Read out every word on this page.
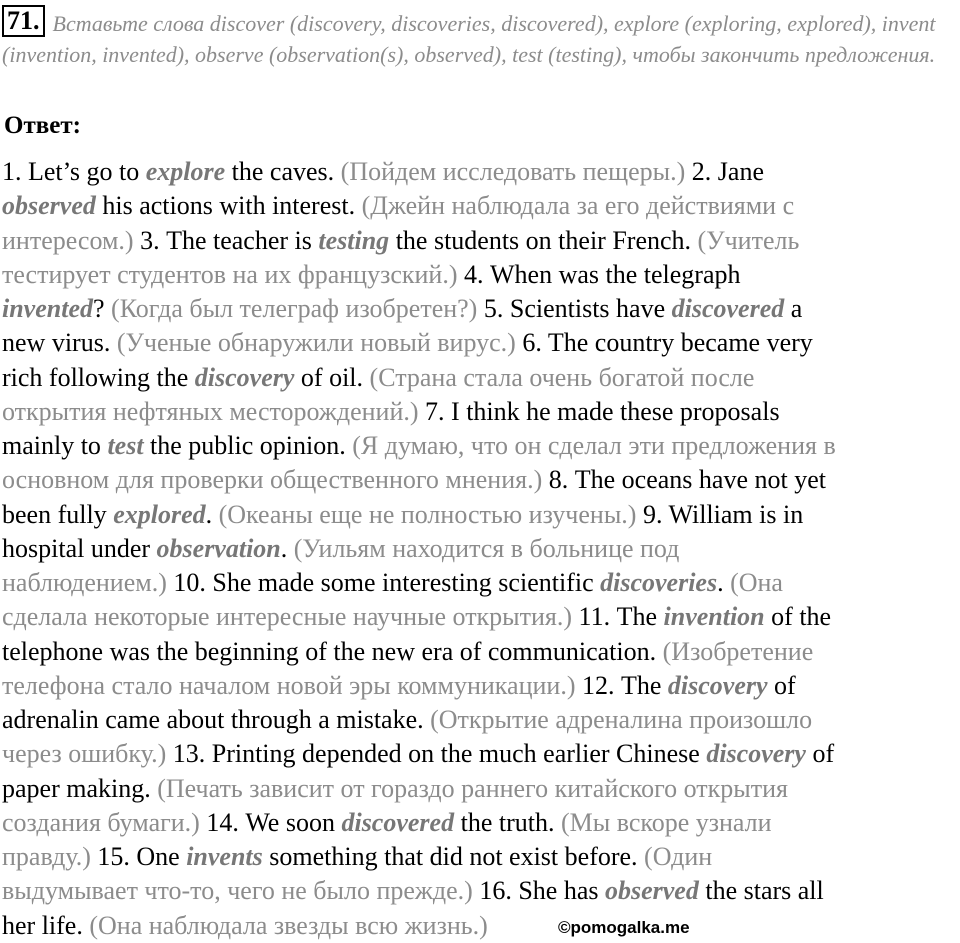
71. Вставьте слова discover (discovery, discoveries, discovered), explore (exploring, explored), invent (invention, invented), observe (observation(s), observed), test (testing), чтобы закончить предложения.
Ответ:
1. Let’s go to explore the caves. (Пойдем исследовать пещеры.) 2. Jane
observed his actions with interest. (Джейн наблюдала за его действиями с
интересом.) 3. The teacher is testing the students on their French. (Учитель
тестирует студентов на их французский.) 4. When was the telegraph
invented? (Когда был телеграф изобретен?) 5. Scientists have discovered a
new virus. (Ученые обнаружили новый вирус.) 6. The country became very
rich following the discovery of oil. (Страна стала очень богатой после
открытия нефтяных месторождений.) 7. I think he made these proposals
mainly to test the public opinion. (Я думаю, что он сделал эти предложения в
основном для проверки общественного мнения.) 8. The oceans have not yet
been fully explored. (Океаны еще не полностью изучены.) 9. William is in
hospital under observation. (Уильям находится в больнице под
наблюдением.) 10. She made some interesting scientific discoveries. (Она
сделала некоторые интересные научные открытия.) 11. The invention of the
telephone was the beginning of the new era of communication. (Изобретение
телефона стало началом новой эры коммуникации.) 12. The discovery of
adrenalin came about through a mistake. (Открытие адреналина произошло
через ошибку.) 13. Printing depended on the much earlier Chinese discovery of
paper making. (Печать зависит от гораздо раннего китайского открытия
создания бумаги.) 14. We soon discovered the truth. (Мы вскоре узнали
правду.) 15. One invents something that did not exist before. (Один
выдумывает что-то, чего не было прежде.) 16. She has observed the stars all
her life. (Она наблюдала звезды всю жизнь.)	©pomogalka.me
